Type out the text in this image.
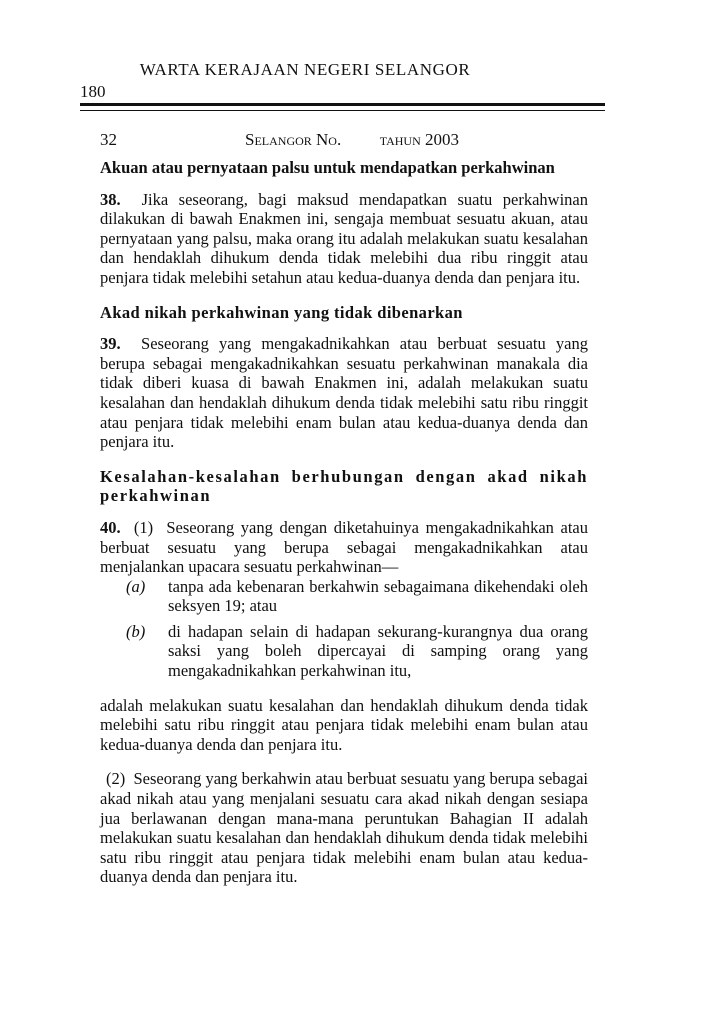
WARTA KERAJAAN NEGERI SELANGOR
180
32	Selangor No. tahun 2003
Akuan atau pernyataan palsu untuk mendapatkan perkahwinan

38. Jika seseorang, bagi maksud mendapatkan suatu perkahwinan dilakukan di bawah Enakmen ini, sengaja membuat sesuatu akuan, atau pernyataan yang palsu, maka orang itu adalah melakukan suatu kesalahan dan hendaklah dihukum denda tidak melebihi dua ribu ringgit atau penjara tidak melebihi setahun atau kedua-duanya denda dan penjara itu.

Akad nikah perkahwinan yang tidak dibenarkan

39. Seseorang yang mengakadnikahkan atau berbuat sesuatu yang berupa sebagai mengakadnikahkan sesuatu perkahwinan manakala dia tidak diberi kuasa di bawah Enakmen ini, adalah melakukan suatu kesalahan dan hendaklah dihukum denda tidak melebihi satu ribu ringgit atau penjara tidak melebihi enam bulan atau kedua-duanya denda dan penjara itu.

Kesalahan-kesalahan berhubungan dengan akad nikah perkahwinan

40. (1) Seseorang yang dengan diketahuinya mengakadnikahkan atau berbuat sesuatu yang berupa sebagai mengakadnikahkan atau menjalankan upacara sesuatu perkahwinan—

(a)	tanpa ada kebenaran berkahwin sebagaimana dikehendaki oleh seksyen 19; atau
(b)	di hadapan selain di hadapan sekurang-kurangnya dua orang saksi yang boleh dipercayai di samping orang yang mengakadnikahkan perkahwinan itu,

adalah melakukan suatu kesalahan dan hendaklah dihukum denda tidak melebihi satu ribu ringgit atau penjara tidak melebihi enam bulan atau kedua-duanya denda dan penjara itu.

(2) Seseorang yang berkahwin atau berbuat sesuatu yang berupa sebagai akad nikah atau yang menjalani sesuatu cara akad nikah dengan sesiapa jua berlawanan dengan mana-mana peruntukan Bahagian II adalah melakukan suatu kesalahan dan hendaklah dihukum denda tidak melebihi satu ribu ringgit atau penjara tidak melebihi enam bulan atau kedua-duanya denda dan penjara itu.
